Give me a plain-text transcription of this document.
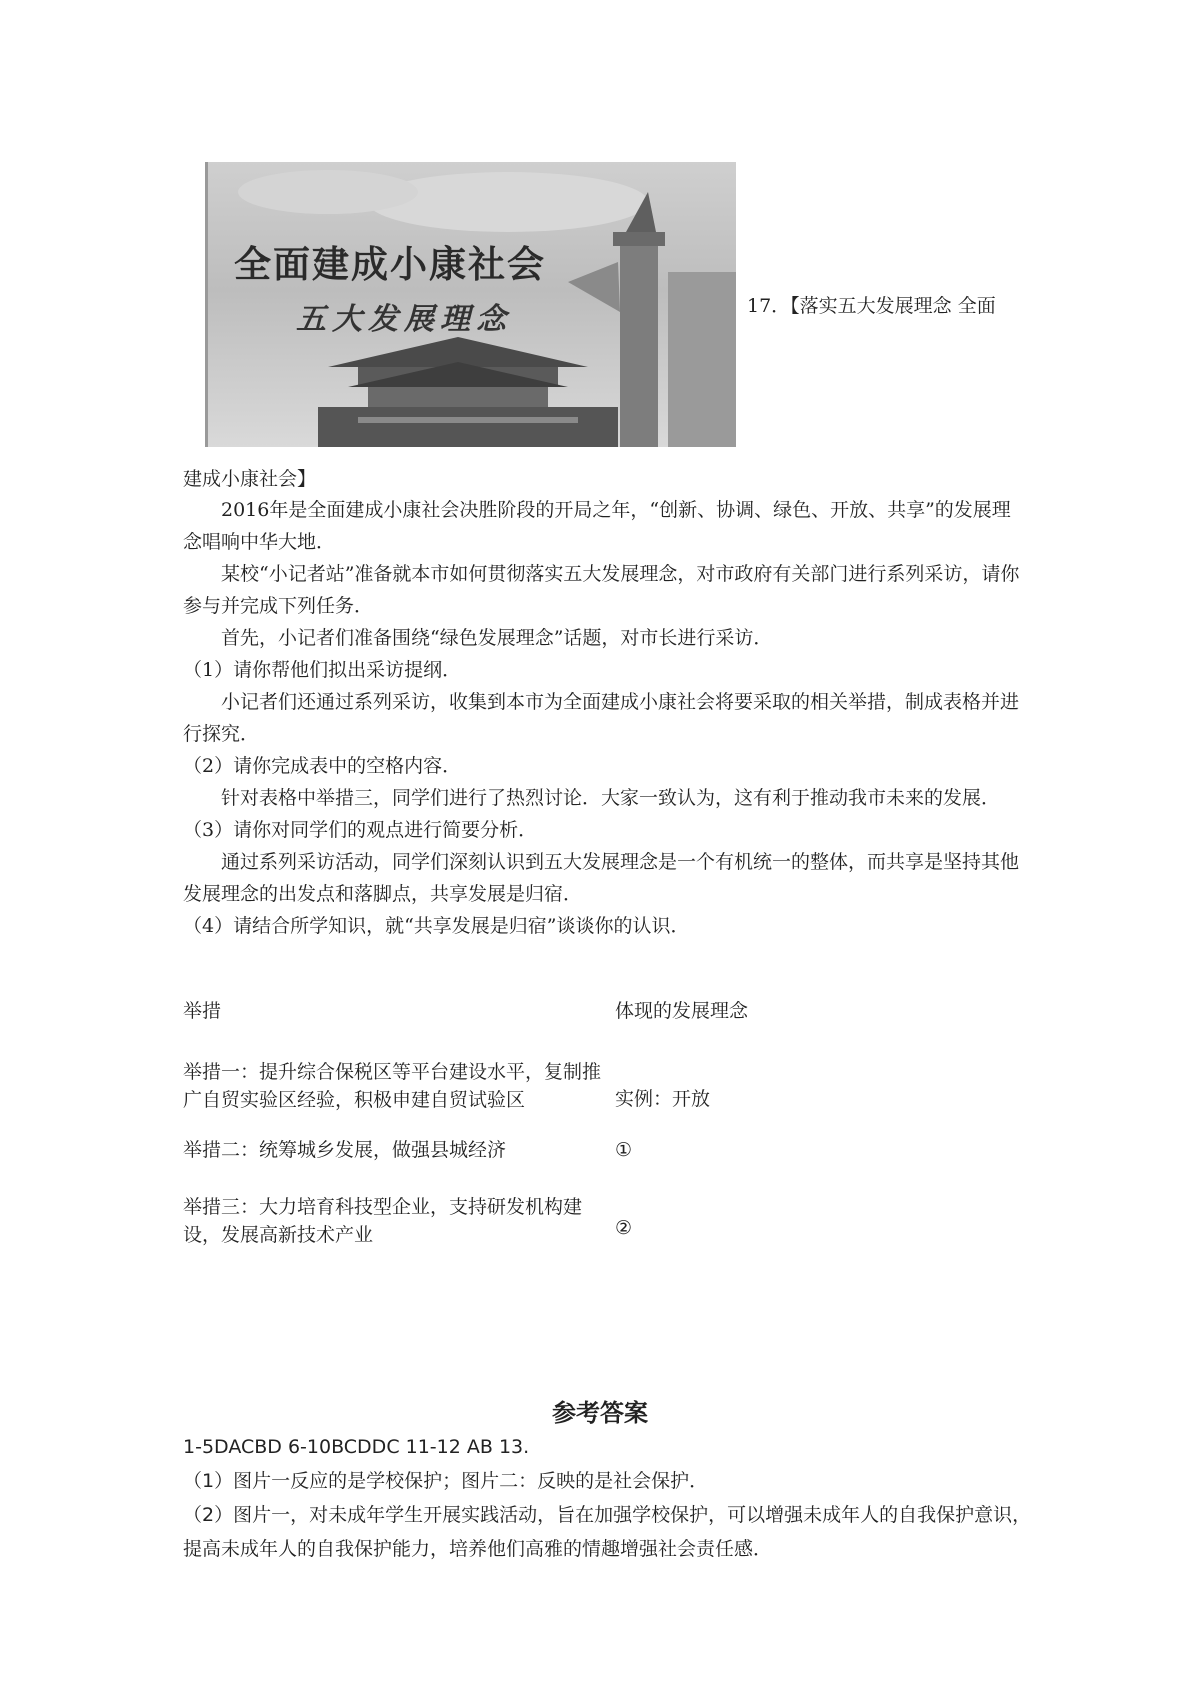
全面建成小康社会
五大发展理念	17．【落实五大发展理念 全面
建成小康社会】

2016年是全面建成小康社会决胜阶段的开局之年，“创新、协调、绿色、开放、共享”的发展理念唱响中华大地．

某校“小记者站”准备就本市如何贯彻落实五大发展理念，对市政府有关部门进行系列采访，请你参与并完成下列任务．

首先，小记者们准备围绕“绿色发展理念”话题，对市长进行采访．

（1）请你帮他们拟出采访提纲．

小记者们还通过系列采访，收集到本市为全面建成小康社会将要采取的相关举措，制成表格并进行探究．

（2）请你完成表中的空格内容．

针对表格中举措三，同学们进行了热烈讨论．大家一致认为，这有利于推动我市未来的发展．

（3）请你对同学们的观点进行简要分析．

通过系列采访活动，同学们深刻认识到五大发展理念是一个有机统一的整体，而共享是坚持其他发展理念的出发点和落脚点，共享发展是归宿．

（4）请结合所学知识，就“共享发展是归宿”谈谈你的认识．

举措	体现的发展理念
举措一：提升综合保税区等平台建设水平，复制推广自贸实验区经验，积极申建自贸试验区	实例：开放
举措二：统筹城乡发展，做强县城经济	①
举措三：大力培育科技型企业，支持研发机构建设，发展高新技术产业	②
参考答案

1-5DACBD 6-10BCDDC 11-12 AB 13.

（1）图片一反应的是学校保护；图片二：反映的是社会保护．

（2）图片一，对未成年学生开展实践活动，旨在加强学校保护，可以增强未成年人的自我保护意识，提高未成年人的自我保护能力，培养他们高雅的情趣增强社会责任感．
